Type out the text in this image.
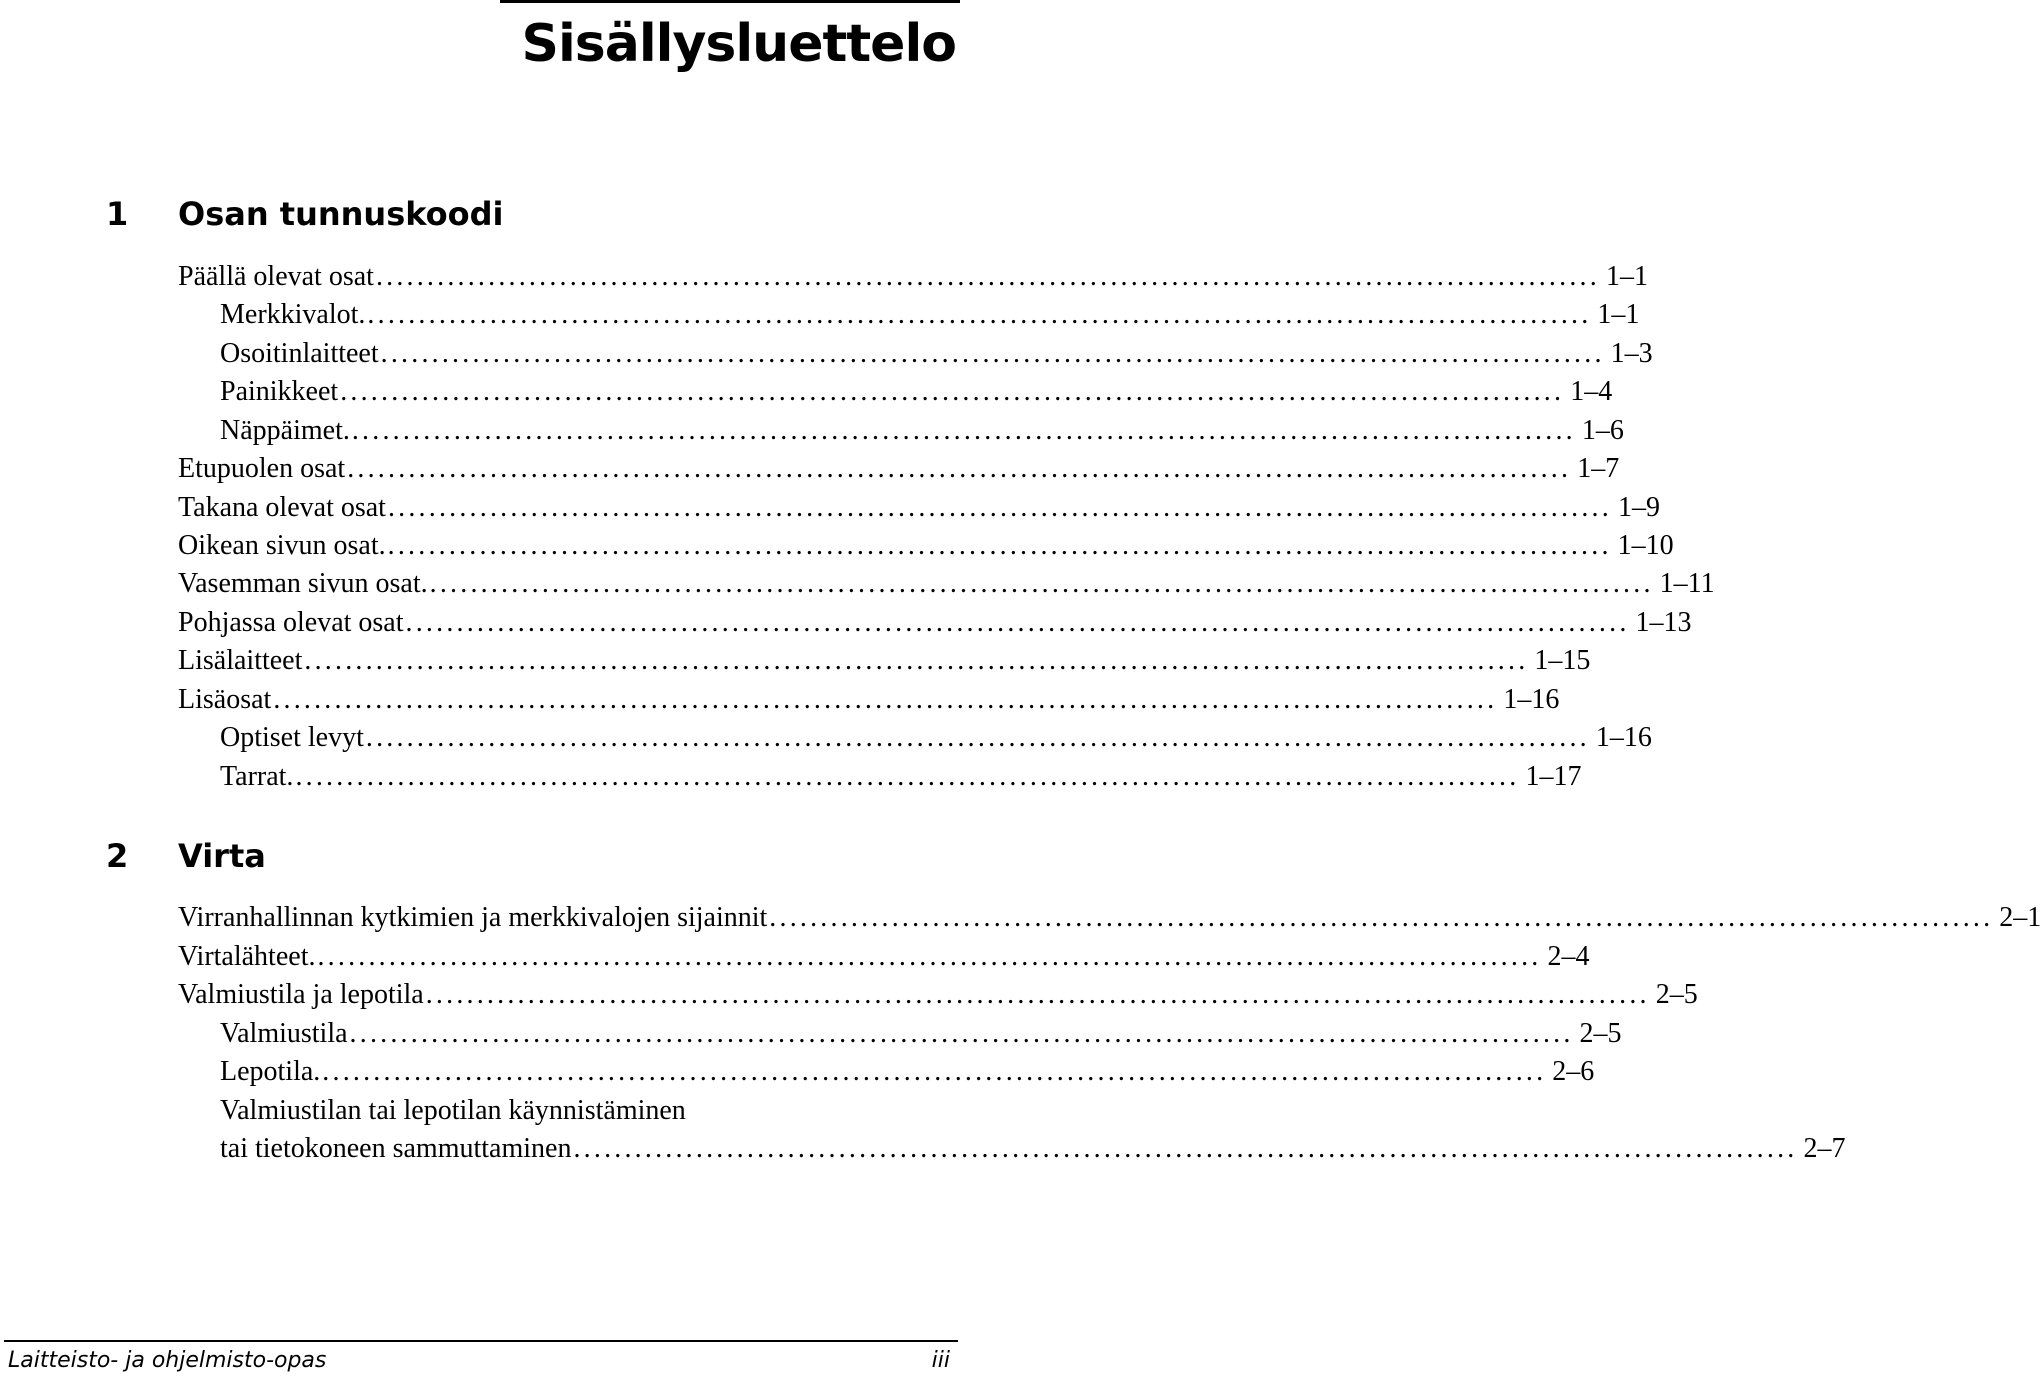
Sisällysluettelo
1 Osan tunnuskoodi
Päällä olevat osat ........................................................................................................................ 1–1
Merkkivalot. ........................................................................................................................ 1–1
Osoitinlaitteet ........................................................................................................................ 1–3
Painikkeet ........................................................................................................................ 1–4
Näppäimet. ........................................................................................................................ 1–6
Etupuolen osat ........................................................................................................................ 1–7
Takana olevat osat ........................................................................................................................ 1–9
Oikean sivun osat. ........................................................................................................................ 1–10
Vasemman sivun osat. ........................................................................................................................ 1–11
Pohjassa olevat osat ........................................................................................................................ 1–13
Lisälaitteet ........................................................................................................................ 1–15
Lisäosat ........................................................................................................................ 1–16
Optiset levyt ........................................................................................................................ 1–16
Tarrat. ........................................................................................................................ 1–17
2 Virta
Virranhallinnan kytkimien ja merkkivalojen sijainnit ........................................................................................................................ 2–1
Virtalähteet. ........................................................................................................................ 2–4
Valmiustila ja lepotila ........................................................................................................................ 2–5
Valmiustila ........................................................................................................................ 2–5
Lepotila. ........................................................................................................................ 2–6
Valmiustilan tai lepotilan käynnistäminen
tai tietokoneen sammuttaminen ........................................................................................................................ 2–7
Laitteisto- ja ohjelmisto-opas	iii
